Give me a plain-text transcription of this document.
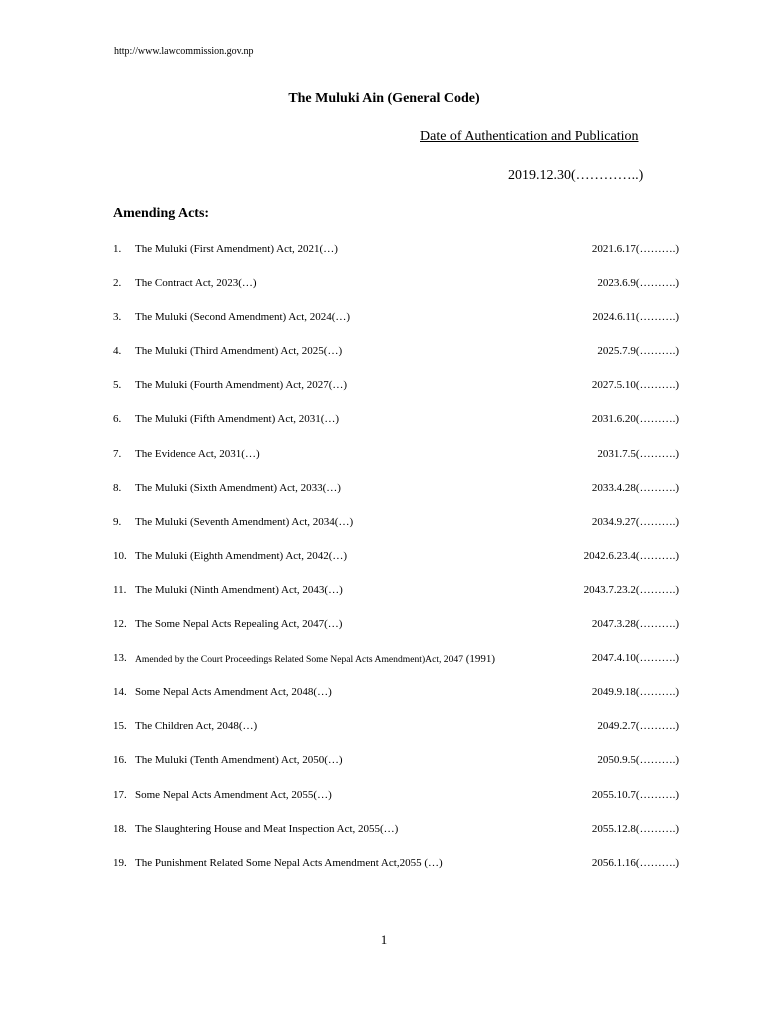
http://www.lawcommission.gov.np
The Muluki Ain (General Code)
Date of Authentication and Publication
2019.12.30(…………..)
Amending Acts:
1. The Muluki (First Amendment) Act, 2021(…)	2021.6.17(……….)
2. The Contract Act, 2023(…)	2023.6.9(……….)
3. The Muluki (Second Amendment) Act, 2024(…)	2024.6.11(……….)
4. The Muluki (Third Amendment) Act, 2025(…)	2025.7.9(……….)
5. The Muluki (Fourth Amendment) Act, 2027(…)	2027.5.10(……….)
6. The Muluki (Fifth Amendment) Act, 2031(…)	2031.6.20(……….)
7. The Evidence Act, 2031(…)	2031.7.5(……….)
8. The Muluki (Sixth Amendment) Act, 2033(…)	2033.4.28(……….)
9. The Muluki (Seventh Amendment) Act, 2034(…)	2034.9.27(……….)
10. The Muluki (Eighth Amendment) Act, 2042(…)	2042.6.23.4(……….)
11. The Muluki (Ninth Amendment) Act, 2043(…)	2043.7.23.2(……….)
12. The Some Nepal Acts Repealing Act, 2047(…)	2047.3.28(……….)
13. Amended by the Court Proceedings Related Some Nepal Acts Amendment)Act, 2047 (1991)	2047.4.10(……….)
14. Some Nepal Acts Amendment Act, 2048(…)	2049.9.18(……….)
15. The Children Act, 2048(…)	2049.2.7(……….)
16. The Muluki (Tenth Amendment) Act, 2050(…)	2050.9.5(……….)
17. Some Nepal Acts Amendment Act, 2055(…)	2055.10.7(……….)
18. The Slaughtering House and Meat Inspection Act, 2055(…)	2055.12.8(……….)
19. The Punishment Related Some Nepal Acts Amendment Act,2055 (…)	2056.1.16(……….)
1
